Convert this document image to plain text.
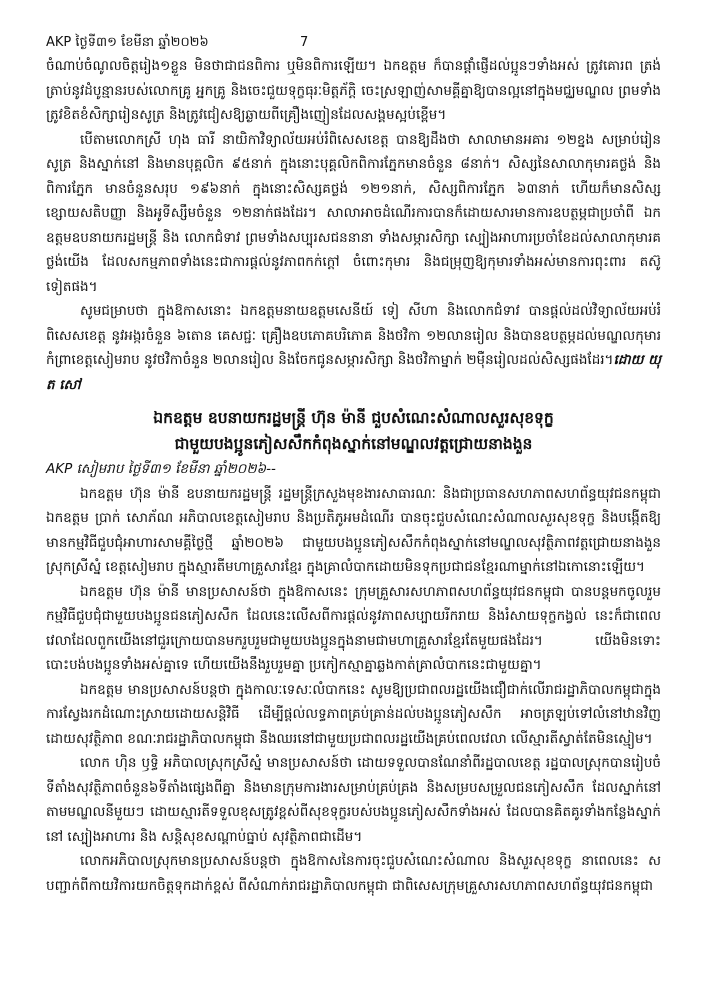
AKP ថ្ងៃទី៣១ ខែមីនា ឆ្នាំ២០២៦	7

ចំណាប់ចំណូលចិត្តរៀង១ខ្លួន មិនថាជាជនពិការ ឬមិនពិការឡើយ។ ឯកឧត្តម ក៏បានផ្ដាំផ្ញើដល់ប្អូនៗទាំងអស់ ត្រូវគោរព ត្រង់ត្រាប់នូវដំបូន្មានរបស់លោកគ្រូ អ្នកគ្រូ និងចេះជួយទុក្ខធុរៈមិត្តភ័ក្ដិ ចេះស្រឡាញ់សាមគ្គីគ្នាឱ្យបានល្អនៅក្នុងមជ្ឈមណ្ឌល ព្រមទាំងត្រូវខិតខំសិក្សារៀនសូត្រ និងត្រូវជៀសឱ្យឆ្ងាយពីគ្រឿងញៀនដែលសង្គមស្អប់ខ្ពើម។

បើតាមលោកស្រី ហុង ធារី នាយិកាវិទ្យាល័យអប់រំពិសេសខេត្ត បានឱ្យដឹងថា សាលាមានអគារ ១២ខ្នង សម្រាប់រៀនសូត្រ និងស្នាក់នៅ និងមានបុគ្គលិក ៩៥នាក់ ក្នុងនោះបុគ្គលិកពិការភ្នែកមានចំនួន ៨នាក់។ សិស្សនៃសាលាកុមារគថ្លង់ និងពិការភ្នែក មានចំនួនសរុប ១៩៦នាក់ ក្នុងនោះសិស្សគថ្លង់ ១២១នាក់, សិស្សពិការភ្នែក ៦៣នាក់ ហើយក៏មានសិស្សខ្សោយសតិបញ្ញា និងអូទីស្សឹមចំនួន ១២នាក់ផងដែរ។ សាលាអាចដំណើរការបានក៏ដោយសារមានការឧបត្ថម្ភជាប្រចាំពី ឯកឧត្តមឧបនាយករដ្ឋមន្ត្រី និង លោកជំទាវ ព្រមទាំងសប្បុរសជននានា ទាំងសម្ភារសិក្សា ស្បៀងអាហារប្រចាំខែដល់សាលាកុមារគថ្លង់យើង ដែលសកម្មភាពទាំងនេះជាការផ្ដល់នូវភាពកក់ក្ដៅ ចំពោះកុមារ និងជម្រុញឱ្យកុមារទាំងអស់មានការពុះពារ តស៊ូទៀតផង។

សូមជម្រាបថា ក្នុងឱកាសនោះ ឯកឧត្តមនាយឧត្តមសេនីយ៍ ទៀ សីហា និងលោកជំទាវ បានផ្ដល់ដល់វិទ្យាល័យអប់រំពិសេសខេត្ត នូវអង្ករចំនួន ៦តោន គេសជ្ជៈ គ្រឿងឧបភោគបរិភោគ និងថវិកា ១២លានរៀល និងបានឧបត្ថម្ភដល់មណ្ឌលកុមារកំព្រាខេត្តសៀមរាប នូវថវិកាចំនួន ២លានរៀល និងចែកជូនសម្ភារសិក្សា និងថវិកាម្នាក់ ២ម៉ឺនរៀលដល់សិស្សផងដែរ។ដោយ យុ ត សៅ

ឯកឧត្តម ឧបនាយករដ្ឋមន្ត្រី ហ៊ុន ម៉ានី ជួបសំណេះសំណាលសួរសុខទុក្ខ
ជាមួយបងប្អូនភៀសសឹកកំពុងស្នាក់នៅមណ្ឌលវត្តជ្រោយនាងងួន

AKP សៀមរាប ថ្ងៃទី៣១ ខែមីនា ឆ្នាំ២០២៦--

ឯកឧត្តម ហ៊ុន ម៉ានី ឧបនាយករដ្ឋមន្ត្រី រដ្ឋមន្ត្រីក្រសួងមុខងារសាធារណៈ និងជាប្រធានសហភាពសហព័ន្ធយុវជនកម្ពុជា ឯកឧត្តម ប្រាក់ សោភ័ណ អភិបាលខេត្តសៀមរាប និងប្រតិភូអមដំណើរ បានចុះជួបសំណេះសំណាលសួរសុខទុក្ខ និងបង្កើតឱ្យមានកម្មវិធីជួបជុំអាហារសាមគ្គីថ្ងៃថ្មី ឆ្នាំ២០២៦ ជាមួយបងប្អូនភៀសសឹកកំពុងស្នាក់នៅមណ្ឌលសុវត្ថិភាពវត្តជ្រោយនាងងួន ស្រុកស្រីស្នំ ខេត្តសៀមរាប ក្នុងស្មារតីមហាគ្រួសារខ្មែរ ក្នុងគ្រាលំបាកដោយមិនទុកប្រជាជនខ្មែរណាម្នាក់នៅឯកោនោះឡើយ។

ឯកឧត្តម ហ៊ុន ម៉ានី មានប្រសាសន៍ថា ក្នុងឱកាសនេះ ក្រុមគ្រួសារសហភាពសហព័ន្ធយុវជនកម្ពុជា បានបន្តមកចូលរួមកម្មវិធីជួបជុំជាមួយបងប្អូនជនភៀសសឹក ដែលនេះលើសពីការផ្ដល់នូវភាពសប្បាយរីករាយ និងរំសាយទុក្ខកង្វល់ នេះក៏ជាពេលវេលាដែលពួកយើងនៅជួរក្រោយបានមករួបរួមជាមួយបងប្អូនក្នុងនាមជាមហាគ្រួសារខ្មែរតែមួយផងដែរ។ យើងមិនទោះបោះបង់បងប្អូនទាំងអស់គ្នាទេ ហើយយើងនឹងរួបរួមគ្នា ប្រកៀកស្មាគ្នាឆ្លងកាត់គ្រាលំបាកនេះជាមួយគ្នា។

ឯកឧត្តម មានប្រសាសន៍បន្តថា ក្នុងកាលៈទេសៈលំបាកនេះ សូមឱ្យប្រជាពលរដ្ឋយើងជឿជាក់លើរាជរដ្ឋាភិបាលកម្ពុជាក្នុងការស្វែងរកដំណោះស្រាយដោយសន្តិវិធី ដើម្បីផ្ដល់លទ្ធភាពគ្រប់គ្រាន់ដល់បងប្អូនភៀសសឹក អាចត្រឡប់ទៅលំនៅឋានវិញដោយសុវត្ថិភាព ខណៈរាជរដ្ឋាភិបាលកម្ពុជា នឹងឈរនៅជាមួយប្រជាពលរដ្ឋយើងគ្រប់ពេលវេលា លើស្មារតីស្វាត់តែមិនស្មៀម។

លោក ហ៊ិន ឫទ្ធិ អភិបាលស្រុកស្រីស្នំ មានប្រសាសន៍ថា ដោយទទួលបានណែនាំពីរដ្ឋបាលខេត្ត រដ្ឋបាលស្រុកបានរៀបចំទីតាំងសុវត្ថិភាពចំនួន៦ទីតាំងផ្សេងពីគ្នា និងមានក្រុមការងារសម្រាប់គ្រប់គ្រង និងសម្របសម្រួលជនភៀសសឹក ដែលស្នាក់នៅតាមមណ្ឌលនីមួយៗ ដោយស្មារតីទទួលខុសត្រូវខ្ពស់ពីសុខទុក្ខរបស់បងប្អូនភៀសសឹកទាំងអស់ ដែលបានគិតគូរទាំងកន្លែងស្នាក់នៅ ស្បៀងអាហារ និង សន្តិសុខសណ្ដាប់ធ្នាប់ សុវត្ថិភាពជាដើម។

លោកអភិបាលស្រុកមានប្រសាសន៍បន្តថា ក្នុងឱកាសនៃការចុះជួបសំណេះសំណាល និងសួរសុខទុក្ខ នាពេលនេះ សបញ្ជាក់ពីកាយវិការយកចិត្តទុកដាក់ខ្ពស់ ពីសំណាក់រាជរដ្ឋាភិបាលកម្ពុជា ជាពិសេសក្រុមគ្រួសារសហភាពសហព័ន្ធយុវជនកម្ពុជា
